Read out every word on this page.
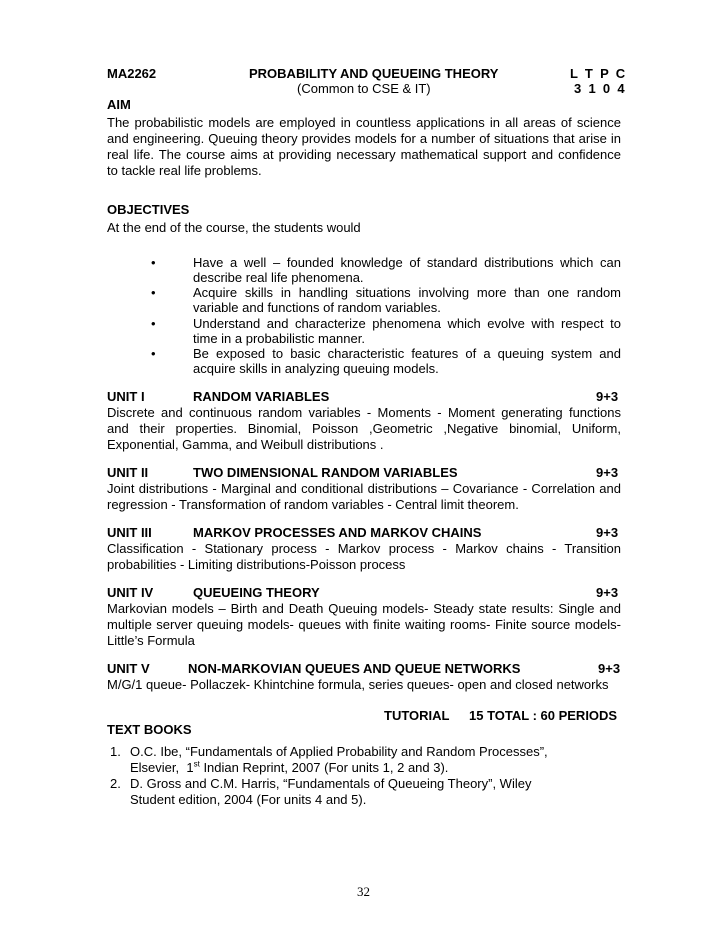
MA2262	PROBABILITY AND QUEUEING THEORY
(Common to CSE & IT)
L  T  P  C
3  1  0  4
AIM
The probabilistic models are employed in countless applications in all areas of science
and engineering. Queuing theory provides models for a number of situations that arise in
real life. The course aims at providing necessary mathematical support and confidence
to tackle real life problems.
OBJECTIVES
At the end of the course, the students would
•	Have a well – founded knowledge of standard distributions which can
describe real life phenomena.
•	Acquire skills in handling situations involving more than one random
variable and functions of random variables.
•	Understand and characterize phenomena which evolve with respect to
time in a probabilistic manner.
•	Be exposed to basic characteristic features of a queuing system and
acquire skills in analyzing queuing models.
UNIT I	RANDOM VARIABLES	9+3
Discrete and continuous random variables - Moments - Moment generating functions
and their properties. Binomial, Poisson ,Geometric ,Negative binomial, Uniform,
Exponential, Gamma, and Weibull distributions .
UNIT II	TWO DIMENSIONAL RANDOM VARIABLES	9+3
Joint distributions - Marginal and conditional distributions – Covariance - Correlation and
regression - Transformation of random variables - Central limit theorem.
UNIT III	MARKOV PROCESSES AND MARKOV CHAINS	9+3
Classification - Stationary process - Markov process - Markov chains - Transition
probabilities - Limiting distributions-Poisson process
UNIT IV	QUEUEING THEORY	9+3
Markovian models – Birth and Death Queuing models- Steady state results: Single and
multiple server queuing models- queues with finite waiting rooms- Finite source models-
Little’s Formula
UNIT V	NON-MARKOVIAN QUEUES AND QUEUE NETWORKS	9+3
M/G/1 queue- Pollaczek- Khintchine formula, series queues- open and closed networks
TUTORIAL 15 TOTAL : 60 PERIODS
TEXT BOOKS
1. O.C. Ibe, “Fundamentals of Applied Probability and Random Processes”,
Elsevier,  1st Indian Reprint, 2007 (For units 1, 2 and 3).
2. D. Gross and C.M. Harris, “Fundamentals of Queueing Theory”, Wiley
Student edition, 2004 (For units 4 and 5).
32
